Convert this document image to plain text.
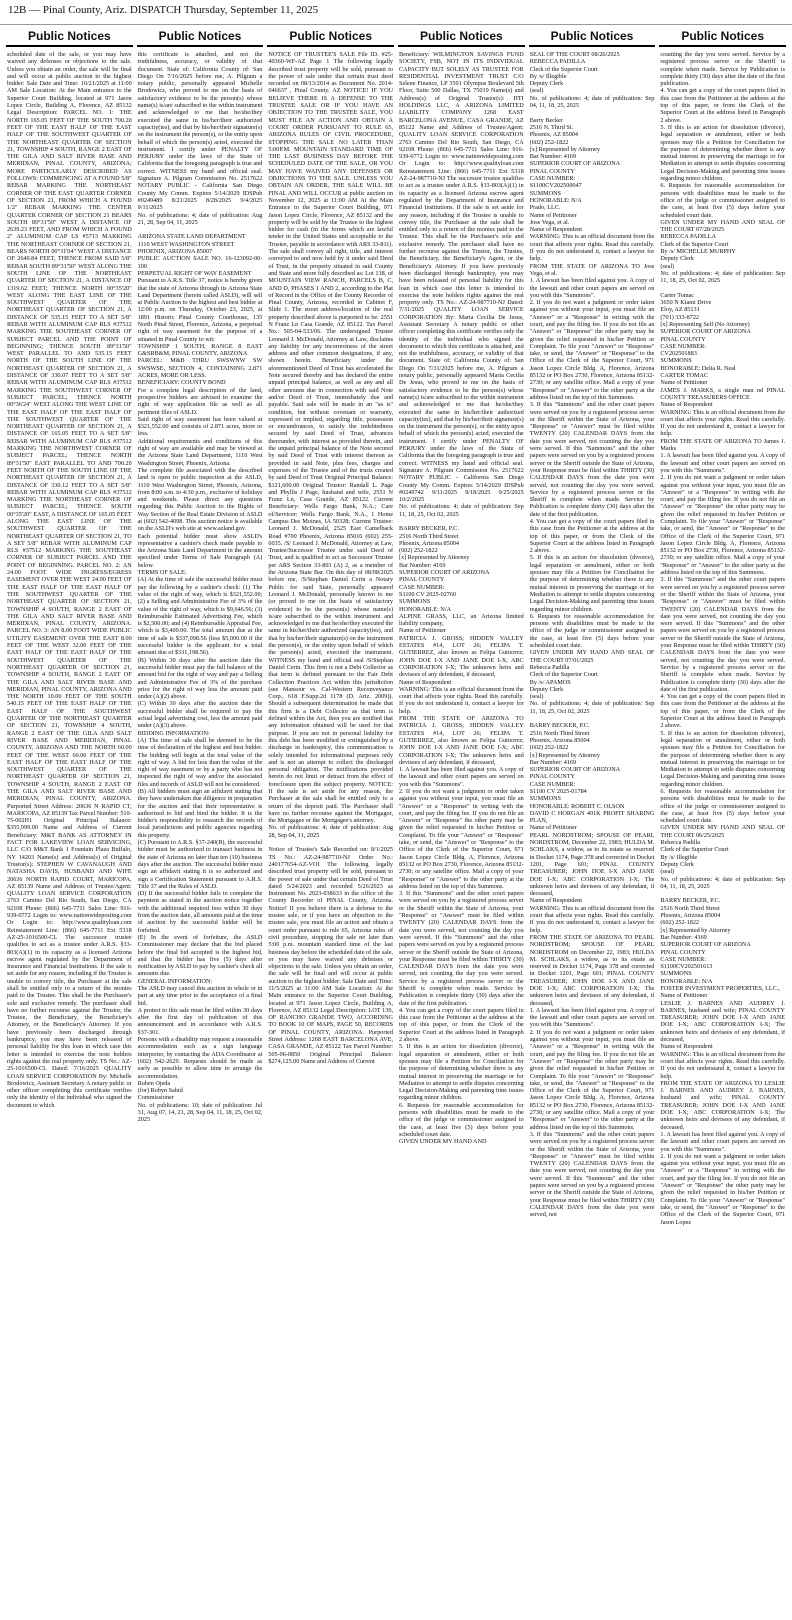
12B — Pinal County, Ariz. DISPATCH Thursday, September 11, 2025
Public Notices	Public Notices	Public Notices	Public Notices	Public Notices	Public Notices
scheduled date of the sale, or you may have waived any defenses or objections to the sale. Unless you obtain an order, the sale will be final and will occur at public auction to the highest bidder: Sale Date and Time: 10/21/2025 at 11:00 AM Sale Location: At the Main entrance to the Superior Court Building, located at 971 Jason Lopez Circle, Building A, Florence, AZ 85132 Legal Description: PARCEL NO. 1: THE NORTH 165.05 FEET OF THE SOUTH 700.20 FEET OF THE EAST HALF OF THE EAST HALF OF THE SOUTHWEST QUARTER OF THE NORTHEAST QUARTER OF SECTION 21, TOWNSHIP 4 SOUTH, RANGE 2 EAST OF THE GILA AND SALT RIVER BASE AND MERIDIAN, PINAL COUNTY, ARIZONA; MORE PARTICULARLY DESCRIBED AS FOLLOWS: COMMENCING AT A FOUND 5/8" REBAR MARKING THE NORTHEAST CORNER OF THE EAST QUARTER CORNER OF SECTION 21, FROM WHICH A FOUND 1/2" REBAR MARKING THE CENTER QUARTER CORNER OF SECTION 21 BEARS SOUTH 89°31'50" WEST A DISTANCE OF 2639.23 FEET, AND FROM WHICH A FOUND 2" ALUMINUM CAP LS #5713 MARKING THE NORTHEAST CORNER OF SECTION 21, BEARS NORTH 00°31'04" WEST A DISTANCE OF 2649.84 FEET, THENCE FROM SAID 5/8" REBAR SOUTH 89°31'50" WEST ALONG THE SOUTH LINE OF THE NORTHEAST QUARTER OF SECTION 21, A DISTANCE OF 1319.62 FEET; THENCE NORTH 00°35'20" WEST ALONG THE EAST LINE OF THE SOUTHWEST QUARTER OF THE NORTHEAST QUARTER OF SECTION 21, A DISTANCE OF 535.15 FEET TO A SET 5/8" REBAR WITH ALUMINUM CAP RLS #37512 MARKING THE SOUTHEAST CORNER OF SUBJECT PARCEL AND THE POINT OF BEGINNING; THENCE SOUTH 89°31'50" WEST PARALLEL TO AND 535.15 FEET NORTH OF THE SOUTH LINE OF THE NORTHEAST QUARTER OF SECTION 21, A DISTANCE OF 330.07 FEET TO A SET 5/8" REBAR WITH ALUMINUM CAP RLS #37512 MARKING THE SOUTHWEST CORNER OF SUBJECT PARCEL; THENCE NORTH 00°36'24" WEST ALONG THE WEST LINE OF THE EAST HALF OF THE EAST HALF OF THE SOUTHWEST QUARTER OF THE NORTHEAST QUARTER OF SECTION 21, A DISTANCE OF 165.05 FEET TO A SET 5/8" REBAR WITH ALUMINUM CAP RLS #37512 MARKING THE NORTHWEST CORNER OF SUBJECT PARCEL; THENCE NORTH 89°31'50" EAST PARALLEL TO AND 700.20 FEET NORTH OF THE SOUTH LINE OF THE NORTHEAST QUARTER OF SECTION 21, A DISTANCE OF 330.12 FEET TO A SET 5/8" REBAR WITH ALUMINUM CAP RLS #37512 MARKING THE NORTHEAST CORNER OF SUBJECT PARCEL; THENCE SOUTH 00°35'20" EAST, A DISTANCE OF 165.05 FEET ALONG THE EAST LINE OF THE SOUTHWEST QUARTER OF THE NORTHEAST QUARTER OF SECTION 21, TO A SET 5/8" REBAR WITH ALUMINUM CAP RLS #37512 MARKING THE SOUTHEAST CORNER OF SUBJECT PARCEL AND THE POINT OF BEGINNING. PARCEL NO. 2: AN 24.00 FOOT WIDE INGRESS/EGRESS EASEMENT OVER THE WEST 24.00 FEET OF THE EAST HALF OF THE EAST HALF OF THE SOUTHWEST QUARTER OF THE NORTHEAST QUARTER OF SECTION 21, TOWNSHIP 4 SOUTH, RANGE 2 EAST OF THE GILA AND SALT RIVER BASE AND MERIDIAN, PINAL COUNTY, ARIZONA. PARCEL NO. 3: AN 8.00 FOOT WIDE PUBLIC UTILITY EASEMENT OVER THE EAST 8.00 FEET OF THE WEST 32.00 FEET OF THE EAST HALF OF THE EAST HALF OF THE SOUTHWEST QUARTER OF THE NORTHEAST QUARTER OF SECTION 21, TOWNSHIP 4 SOUTH, RANGE 2 EAST OF THE GILA AND SALT RIVER BASE AND MERIDIAN, PINAL COUNTY, ARIZONA AND THE NORTH 10.00 FEET OF THE SOUTH 540.15 FEET OF THE EAST HALF OF THE EAST HALF OF THE SOUTHWEST QUARTER OF THE NORTHEAST QUARTER OF SECTION 21, TOWNSHIP 4 SOUTH, RANGE 2 EAST OF THE GILA AND SALT RIVER BASE AND MERIDIAN, PINAL COUNTY, ARIZONA AND THE NORTH 60.00 FEET OF THE WEST 60.00 FEET OF THE EAST HALF OF THE EAST HALF OF THE SOUTHWEST QUARTER OF THE NORTHEAST QUARTER OF SECTION 21, TOWNSHIP 4 SOUTH, RANGE 2 EAST OF THE GILA AND SALT RIVER BASE AND MERIDIAN, PINAL COUNTY, ARIZONA. Purported Street Address: 20636 N RAPID CT, MARICOPA, AZ 85139 Tax Parcel Number: 510-75-002H1 Original Principal Balance: $355,999.00 Name and Address of Current Beneficiary: M&T BANK AS ATTORNEY IN FACT FOR LAKEVIEW LOAN SERVICING, LLC C/O M&T Bank 1 Fountain Plaza Buffalo, NY 14203 Name(s) and Address(s) of Original Trustor(s): STEPHEN W CAVANAUGH AND NATASHA DAVIS, HUSBAND AND WIFE 20636 NORTH RAPID COURT, MARICOPA, AZ 85139 Name and Address of Trustee/Agent: QUALITY LOAN SERVICE CORPORATION 2763 Camino Del Rio South, San Diego, CA 92108 Phone: (866) 645-7711 Sales Line: 916-939-0772 Login to: www.nationwideposting.com Or Login to: http://www.qualityloan.com Reinstatement Line: (866) 645-7711 Ext 5318 AZ-25-1016500-CL The successor trustee qualifies to act as a trustee under A.R.S. §33-803(A)(1) in its capacity as a licensed Arizona escrow agent regulated by the Department of Insurance and Financial Institutions. If the sale is set aside for any reason, including if the Trustee is unable to convey title, the Purchaser at the sale shall be entitled only to a return of the monies paid to the Trustee. This shall be the Purchaser's sole and exclusive remedy. The purchaser shall have no further recourse against the Trustor, the Trustee, the Beneficiary, the Beneficiary's Attorney, or the Beneficiary's Attorney. If you have previously been discharged through bankruptcy, you may have been released of personal liability for this loan in which case this letter is intended to exercise the note holders rights against the real property only. TS No.: AZ-25-1016500-CL Dated: 7/16/2025 QUALITY LOAN SERVICE CORPORATION By: Michelle Brodowicz, Assistant Secretary A notary public or other officer completing this certificate verifies only the identity of the individual who signed the document to which
this certificate is attached, and not the truthfulness, accuracy, or validity of that document. State of: California County of: San Diego On 7/16/2025 before me, A. Pilgram a notary public, personally appeared Michelle Brodowicz, who proved to me on the basis of satisfactory evidence to be the person(s) whose name(s) is/are subscribed to the within instrument and acknowledged to me that he/she/they executed the same in his/her/their authorized capacity(ies), and that by his/her/their signature(s) on the instrument the person(s), or the entity upon behalf of which the person(s) acted, executed the instrument. I certify under PENALTY OF PERJURY under the laws of the State of California that the foregoing paragraph is true and correct. WITNESS my hand and official seal. Signature A. Pilgram Commission No. 2517622 NOTARY PUBLIC - California San Diego County My Comm. Expires 5/14/2029 IDSPub #0249489 8/21/2025 8/28/2025 9/4/2025 9/11/2025
No. of publications: 4; date of publication: Aug 21, 28, Sep 04, 11, 2025

ARIZONA STATE LAND DEPARTMENT
1110 WEST WASHINGTON STREET
PHOENIX, ARIZONA 85007
PUBLIC AUCTION SALE NO. 16-123092-00-100
PERPETUAL RIGHT OF WAY EASEMENT
Pursuant to A.R.S. Title 37, notice is hereby given that the state of Arizona through its Arizona State Land Department (herein called ASLD), will sell at Public Auction to the highest and best bidder at 12:00 p.m. on Thursday, October 23, 2025, at 1891 Historic Pinal County Courthouse, 135 North Pinal Street, Florence, Arizona, a perpetual right of way easement for the purpose of a situated in Pinal County to wit:
TOWNSHIP 1 SOUTH, RANGE 8 EAST G&SRB&M, PINAL COUNTY, ARIZONA
PARCEL: M&B THRU SWSWNW SW SWSWSE, SECTION 4, CONTAINING 2.871 ACRES, MORE OR LESS.
BENEFICIARY: COUNTY BOND
For a complete legal description of the land, prospective bidders are advised to examine the right of way application file as well as all pertinent files of ASLD.
Said right of way easement has been valued at $321,552.00 and consists of 2.871 acres, more or less.
Additional requirements and conditions of this right of way are available and may be viewed at the Arizona State Land Department, 1110 West Washington Street, Phoenix, Arizona.
The complete file associated with the described land is open to public inspection at the ASLD, 1110 West Washington Street, Phoenix, Arizona, from 8:00 a.m. to 4:30 p.m., exclusive of holidays and weekends. Please direct any questions regarding this Public Auction to the Rights of Way Section of the Real Estate Division of ASLD at (602) 542-4098. This auction notice is available on the ASLD's web site at www.azland.gov.
Each potential bidder must show ASLD's representative a cashier's check made payable to the Arizona State Land Department in the amount specified under Terms of Sale Paragraph (A) below.
TERMS OF SALE:
(A) At the time of sale the successful bidder must pay the following by a cashier's check: (1) The value of the right of way, which is $321,552.00; (2) a Selling and Administrative Fee of 3% of the value of the right of way, which is $9,646.56; (3) Reimbursable Estimated Advertising Fee, which is $2,500.00; and (4) Reimbursable Appraisal Fee, which is $3,400.00. The total amount due at the time of sale is $337,098.56 (less $5,000.00 if the successful bidder is the applicant for a total amount due of $331,198.56).
(B) Within 30 days after the auction date the successful bidder must pay the full balance of the amount bid for the right of way and pay a Selling and Administrative Fee of 3% of the purchase price for the right of way less the amount paid under (A)(2) above.
(C) Within 30 days after the auction date the successful bidder shall be required to pay the actual legal advertising cost, less the amount paid under (A)(3) above.
BIDDING INFORMATION:
(A) The time of sale shall be deemed to be the time of declaration of the highest and best bidder. The bidding will begin at the total value of the right of way. A bid for less than the value of the right of way easement or by a party who has not inspected the right of way and/or the associated files and records of ASLD will not be considered.
(B) All bidders must sign an affidavit stating that they have undertaken due diligence in preparation for the auction and that their representative is authorized to bid and bind the bidder. It is the bidder's responsibility to research the records of local jurisdictions and public agencies regarding this property.
(C) Pursuant to A.R.S. §37-240(B), the successful bidder must be authorized to transact business in the state of Arizona no later than ten (10) business days after the auction. The successful bidder must sign an affidavit stating it is so authorized and sign a Certification Statement pursuant to A.R.S. Title 37 and the Rules of ASLD.
(D) If the successful bidder fails to complete the payment as stated in the auction notice together with the additional required fees within 30 days from the auction date, all amounts paid at the time of auction by the successful bidder will be forfeited.
(E) In the event of forfeiture, the ASLD Commissioner may declare that the bid placed before the final bid accepted is the highest bid, and that the bidder has five (5) days after notification by ASLD to pay by cashier's check all amounts due.
GENERAL INFORMATION:
The ASLD may cancel this auction in whole or in part at any time prior to the acceptance of a final bid.
A protest to this sale must be filed within 30 days after the first day of publication of this announcement and in accordance with A.R.S. §37-301.
Persons with a disability may request a reasonable accommodation such as a sign language interpreter, by contacting the ADA Coordinator at (602) 542-2629. Requests should be made as early as possible to allow time to arrange the accommodation.
Ruben Ojeda
(for) Robyn Sahid
Commissioner
No. of publications: 10; date of publication: Jul 31, Aug 07, 14, 21, 28, Sep 04, 11, 18, 25, Oct 02, 2025
NOTICE OF TRUSTEE'S SALE File ID. #25-40360-WF-AZ Page 1 The following legally described trust property will be sold, pursuant to the power of sale under that certain trust deed recorded on 08/13/2014 as Document No. 2014-046637 , Pinal County. AZ NOTICE! IF YOU BELIEVE THERE IS A DEFENSE TO THE TRUSTEE SALE OR IF YOU HAVE AN OBJECTION TO THE TRUSTEE SALE, YOU MUST FILE AN ACTION AND OBTAIN A COURT ORDER PURSUANT TO RULE 65, ARIZONA RULES OF CIVIL PROCEDURE, STOPPING THE SALE NO LATER THAN 5:00P.M. MOUNTAIN STANDARD TIME OF THE LAST BUSINESS DAY BEFORE THE SCHEDULED DATE OF THE SALE, OR YOU MAY HAVE WAIVED ANY DEFENSES OR OBJECTIONS TO THE SALE. UNLESS YOU OBTAIN AN ORDER, THE SALE WILL BE FINAL AND WILL OCCUR at public auction on November 12, 2025 at 11:00 AM At the Main Entrance to the Superior Court Building, 971 Jason Lopez Circle, Florence, AZ 85132 and the property will be sold by the Trustee to the highest bidder for cash (in the forms which are lawful tender in the United States and acceptable to the Trustee, payable in accordance with ARS 33-811). The sale shall convey all right, title, and interest conveyed to and now held by it under said Deed of Trust, in the property situated in said County and State and more fully described as: Lot 138, of MOUNTAIN VIEW RANCH, PARCELS B, C, AND D, PHASES 1 AND 2, according to the Plat of Record in the Office of the County Recorder of Pinal County, Arizona, recorded in Cabinet F, Slide 1. The street address/location of the real property described above is purported to be: 2551 N Franz Ln Casa Grande, AZ 85122. Tax Parcel No.: 505-04-533/06. The undersigned Trustee Leonard J. McDonald, Attorney at Law, disclaims any liability for any incorrectness of the street address and other common designations, if any, shown herein. Beneficiary under the aforementioned Deed of Trust has accelerated the Note secured thereby and has declared the entire unpaid principal balance, as well as any and all other amounts due in connection with said Note and/or Deed of Trust, immediately due and payable. Said sale will be made in an "as is" condition, but without covenant or warranty, expressed or implied, regarding title, possession or encumbrances, to satisfy the indebtedness secured by said Deed of Trust, advances thereunder, with interest as provided therein, and the unpaid principal balance of the Note secured by said Deed of Trust with interest thereon as provided in said Note, plus fees, charges and expenses of the Trustee and of the trusts created by said Deed of Trust Original Principal Balance: $121,600.00 Original Trustor: Randall L. Page and Phyllis J Page, husband and wife, 2551 N Franz Ln, Casa Grande, AZ 85122. Current Beneficiary: Wells Fargo Bank, N.A.; Care of/Servicer: Wells Fargo Bank, N.A., 1 Home Campus Des Moines, IA 50328; Current Trustee: Leonard J. McDonald, 2525 East Camelback Road #700 Phoenix, Arizona 85016 (602) 255-6035. /S/ Leonard J. McDonald, Attorney at Law, Trustee/Successor Trustee under said Deed of Trust, and is qualified to act as Successor Trustee per ARS Section 33-803 (A) 2, as a member of the Arizona State Bar. On this day of 08/08/2025 before me, /S/Stephan Daniel Cerin a Notary Public for said State, personally appeared Leonard J. McDonald, personally known to me (or proved to me on the basis of satisfactory evidence) to be the person(s) whose name(s) is/are subscribed to the within instrument and acknowledged to me that he/she/they executed the same in his/her/their authorized capacity(ies), and that by his/her/their signature(s) on the instrument the person(s), or the entity upon behalf of which the person(s) acted, executed the instrument. WITNESS my hand and official seal /S/Stephan Daniel Cerin. This firm is not a Debt Collector as that term is defined pursuant to the Fair Debt Collection Practices Act within this jurisdiction (see Mansour vs. Cal-Western Reconveyance Corp., 618 F.Supp.2d 1178 (D. Ariz. 2009)). Should a subsequent determination be made that this firm is a Debt Collector as that term is defined within the Act, then you are notified that any information obtained will be used for that purpose. If you are not in personal liability for this debt has been modified or extinguished by a discharge in bankruptcy, this communication is solely intended for informational purposes only and is not an attempt to collect the discharged personal obligation. The notifications provided herein do not limit or detract from the effect of foreclosure upon the subject property. NOTICE: If the sale is set aside for any reason, the Purchaser at the sale shall be entitled only to a return of the deposit paid. The Purchaser shall have no further recourse against the Mortgagor, the Mortgagee or the Mortgagee's attorney.
No. of publications: 4; date of publication: Aug 28, Sep 04, 11, 2025

Notice of Trustee's Sale Recorded on: 8/1/2025 TS No.: AZ-24-987710-NJ Order No.: 240177654-AZ-VOI The following legally described trust property will be sold, pursuant to the power of sale under that certain Deed of Trust dated 5/24/2023 and recorded 5/26/2023 as Instrument No. 2023-038633 in the office of the County Recorder of PINAL County, Arizona. Notice! If you believe there is a defense to the trustee sale, or if you have an objection to the trustee sale, you must file an action and obtain a court order pursuant to rule 65, Arizona rules of civil procedure, stopping the sale no later than 5:00 p.m. mountain standard time of the last business day before the scheduled date of the sale, or you may have waived any defenses or objections to the sale. Unless you obtain an order, the sale will be final and will occur at public auction to the highest bidder: Sale Date and Time: 11/5/2025 at 11:00 AM Sale Location: At the Main entrance to the Superior Court Building, located at 971 Jason Lopez Circle, Building A, Florence, AZ 85132 Legal Description: LOT 139, OF RANCHO GRANDE TWO, ACCORDING TO BOOK 10 OF MAPS, PAGE 50, RECORDS OF PINAL COUNTY, ARIZONA. Purported Street Address: 1268 EAST BARCELONA AVE, CASA GRANDE, AZ 85122 Tax Parcel Number: 505-06-0850 Original Principal Balance: $274,125.00 Name and Address of Current
Beneficiary: WILMINGTON SAVINGS FUND SOCIETY, FSB, NOT IN ITS INDIVIDUAL CAPACITY BUT SOLELY AS TRUSTEE FOR RESIDENTIAL INVESTMENT TRUST C/O Selene Finance, LP 3501 Olympus Boulevard 5th Floor, Suite 500 Dallas, TX 75019 Name(s) and Address(s) of Original Trustor(s): HTI HOLDINGS LLC, A ARIZONA LIMITED LIABILITY COMPANY 1268 EAST BARCELONA AVENUE, CASA GRANDE, AZ 85122 Name and Address of Trustee/Agent: QUALITY LOAN SERVICE CORPORATION 2763 Camino Del Rio South, San Diego, CA 92108 Phone: (866) 645-7711 Sales Line: 916-939-0772 Login to: www.nationwideposting.com Or Login to: http://www.qualityloan.com Reinstatement Line: (866) 645-7711 Ext 5318 AZ-24-987710-NJ The successor trustee qualifies to act as a trustee under A.R.S. §33-803(A)(1) in its capacity as a licensed Arizona escrow agent regulated by the Department of Insurance and Financial Institutions. If the sale is set aside for any reason, including if the Trustee is unable to convey title, the Purchaser at the sale shall be entitled only to a return of the monies paid to the Trustee. This shall be the Purchaser's sole and exclusive remedy. The purchaser shall have no further recourse against the Trustor, the Trustee, the Beneficiary, the Beneficiary's Agent, or the Beneficiary's Attorney. If you have previously been discharged through bankruptcy, you may have been released of personal liability for this loan in which case this letter is intended to exercise the note holders rights against the real property only. TS No.: AZ-24-987710-NJ Dated: 7/31/2025 QUALITY LOAN SERVICE CORPORATION By: Maria Cecilia De Jesus, Assistant Secretary A notary public or other officer completing this certificate verifies only the identity of the individual who signed the document to which this certificate is attached, and not the truthfulness, accuracy, or validity of that document. State of: California County of: San Diego On 7/31/2025 before me, A. Pilgram a notary public, personally appeared Maria Cecilia De Jesus, who proved to me on the basis of satisfactory evidence to be the person(s) whose name(s) is/are subscribed to the within instrument and acknowledged to me that he/she/they executed the same in his/her/their authorized capacity(ies), and that by his/her/their signature(s) on the instrument the person(s), or the entity upon behalf of which the person(s) acted, executed the instrument. I certify under PENALTY OF PERJURY under the laws of the State of California that the foregoing paragraph is true and correct. WITNESS my hand and official seal. Signature A. Pilgram Commission No. 2517622 NOTARY PUBLIC - California San Diego County My Comm. Expires 5/14/2029 IDSPub #0249742 9/11/2025 9/18/2025 9/25/2025 10/2/2025
No. of publications: 4; date of publication: Sep 11, 18, 25, Oct 02, 2025

BARRY BECKER, P.C.
2516 North Third Street
Phoenix, Arizona 85004
(602) 252-1822
[x] Represented by Attorney
Bar Number: 4169
SUPERIOR COURT OF ARIZONA
PINAL COUNTY
CASE NUMBER:
S1100 CV 2025-02760
SUMMONS
HONORABLE: N/A
ALPINE GRASS, LLC, an Arizona limited liability company,
Name of Petitioner
PATRICIA J. GROSS; HIDDEN VALLEY ESTATES #14, LOT 26; FELIPA T. GUTIERREZ, also known as Felipa Gutierrez; JOHN DOE I-X AND JANE DOE I-X; ABC CORPORATION I-X; The unknown heirs and devisees of any defendant, if deceased,
Name of Respondent
WARNING: This is an official document from the court that affects your rights. Read this carefully. If you do not understand it, contact a lawyer for help.
FROM THE STATE OF ARIZONA TO PATRICIA J. GROSS; HIDDEN VALLEY ESTATES #14, LOT 26; FELIPA T. GUTIERREZ, also known as Felipa Gutierrez; JOHN DOE I-X AND JANE DOE I-X; ABC CORPORATION I-X; The unknown heirs and devisees of any defendant, if deceased,
1. A lawsuit has been filed against you. A copy of the lawsuit and other court papers are served on you with this "Summons".
2. If you do not want a judgment or order taken against you without your input, you must file an "Answer" or a "Response" in writing with the court, and pay the filing fee. If you do not file an "Answer" or "Response" the other party may be given the relief requested in his/her Petition or Complaint. To file your "Answer" or "Response" take, or send, the "Answer" or "Response" to the Office of the Clerk of the Superior Court, 971 Jason Lopez Circle Bldg. A, Florence, Arizona 85132 or PO Box 2730, Florence, Arizona 85132-2730; or any satellite office. Mail a copy of your "Response" or "Answer" to the other party at the address listed on the top of this Summons.
3. If this "Summons" and the other court papers were served on you by a registered process server or the Sheriff within the State of Arizona, your "Response" or "Answer" must be filed within TWENTY (20) CALENDAR DAYS from the date you were served, not counting the day you were served. If this "Summons" and the other papers were served on you by a registered process server or the Sheriff outside the State of Arizona, your Response must be filed within THIRTY (30) CALENDAR DAYS from the date you were served, not counting the day you were served. Service by a registered process server or the Sheriff is complete when made. Service by Publication is complete thirty (30) days after the date of the first publication.
4. You can get a copy of the court papers filed in this case from the Petitioner at the address at the top of this paper, or from the Clerk of the Superior Court at the address listed in Paragraph 2 above.
5. If this is an action for dissolution (divorce), legal separation or annulment, either or both spouses may file a Petition for Conciliation for the purpose of determining whether there is any mutual interest in preserving the marriage or for Mediation to attempt to settle disputes concerning Legal Decision-Making and parenting time issues regarding minor children.
6. Requests for reasonable accommodation for persons with disabilities must be made to the office of the judge or commissioner assigned to the case, at least five (5) days before your scheduled court date.
GIVEN UNDER MY HAND AND
SEAL OF THE COURT 08/26/2025
REBECCA PADILLA
Clerk of the Superior Court
By /s/ Illegible
Deputy Clerk
(seal)
No. of publications: 4; date of publication: Sep 04, 11, 18, 25, 2025

Barry Becker
2516 N. Third St.
Phoenix, AZ 85004
(602) 252-1822
[x] Represented by Attorney
Bar Number: 4169
SUPERIOR COURT OF ARIZONA
PINAL COUNTY
CASE NUMBER:
S1100CV202500047
SUMMONS
HONORABLE: N/A
Prado, LLC.
Name of Petitioner
Jose Vega, et al.
Name of Respondent
WARNING: This is an official document from the court that affects your rights. Read this carefully. If you do not understand it, contact a lawyer for help.
FROM THE STATE OF ARIZONA TO Jose Vega, et al.
1. A lawsuit has been filed against you. A copy of the lawsuit and other court papers are served on you with this "Summons".
2. If you do not want a judgment or order taken against you without your input, you must file an "Answer" or a "Response" in writing with the court, and pay the filing fee. If you do not file an "Answer" or "Response" the other party may be given the relief requested in his/her Petition or Complaint. To file your "Answer" or "Response" take, or send, the "Answer" or "Response" to the Office of the Clerk of the Superior Court, 971 Jason Lopez Circle Bldg. A, Florence, Arizona 85132 or PO Box 2730, Florence, Arizona 85132-2730; or any satellite office. Mail a copy of your "Response" or "Answer" to the other party at the address listed on the top of this Summons.
3. If this "Summons" and the other court papers were served on you by a registered process server or the Sheriff within the State of Arizona, your "Response" or "Answer" must be filed within TWENTY (20) CALENDAR DAYS from the date you were served, not counting the day you were served. If this "Summons" and the other papers were served on you by a registered process server or the Sheriff outside the State of Arizona, your Response must be filed within THIRTY (30) CALENDAR DAYS from the date you were served, not counting the day you were served. Service by a registered process server or the Sheriff is complete when made. Service by Publication is complete thirty (30) days after the date of the first publication.
4. You can get a copy of the court papers filed in this case from the Petitioner at the address at the top of this paper, or from the Clerk of the Superior Court at the address listed in Paragraph 2 above.
5. If this is an action for dissolution (divorce), legal separation or annulment, either or both spouses may file a Petition for Conciliation for the purpose of determining whether there is any mutual interest in preserving the marriage or for Mediation to attempt to settle disputes concerning Legal Decision-Making and parenting time issues regarding minor children.
6. Requests for reasonable accommodation for persons with disabilities must be made to the office of the judge or commissioner assigned to the case, at least five (5) days before your scheduled court date.
GIVEN UNDER MY HAND AND SEAL OF THE COURT 07/01/2025
Rebecca Padilla
Clerk of the Superior Court
By /s/ APAMOS
Deputy Clerk
(seal)
No. of publications: 4; date of publication: Sep 11, 18, 25, Oct 02, 2025

BARRY BECKER, P.C.
2516 North Third Street
Phoenix, Arizona 85004
(602) 252-1822
[x] Represented by Attorney
Bar Number: 4169
SUPERIOR COURT OF ARIZONA
PINAL COUNTY
CASE NUMBER:
S1100 CV 2025-01784
SUMMONS
HONORABLE: ROBERT C. OLSON
DAVID C HORGAN 401K PROFIT SHARING PLAN,
Name of Petitioner
PEARL NORDSTROM; SPOUSE OF PEARL NORDSTROM, December 22, 1983; HULDA M. SCHLAKS, a widow, as to its estate as reserved in Docket 1174, Page 378 and corrected in Docket 1201, Page 601; PINAL COUNTY TREASURER; JOHN DOE I-X AND JANE DOE I-X; ABC CORPORATION I-X; The unknown heirs and devisees of any defendant, if deceased,
Name of Respondent
WARNING: This is an official document from the court that affects your rights. Read this carefully. If you do not understand it, contact a lawyer for help.
FROM THE STATE OF ARIZONA TO PEARL NORDSTROM; SPOUSE OF PEARL NORDSTROM on December 22, 1983; HULDA M. SCHLAKS, a widow, as to its estate as reserved in Docket 1174, Page 378 and corrected in Docket 1201, Page 601; PINAL COUNTY TREASURER; JOHN DOE I-X AND JANE DOE I-X; ABC CORPORATION I-X; The unknown heirs and devisees of any defendant, if deceased,
1. A lawsuit has been filed against you. A copy of the lawsuit and other court papers are served on you with this "Summons".
2. If you do not want a judgment or order taken against you without your input, you must file an "Answer" or a "Response" in writing with the court, and pay the filing fee. If you do not file an "Answer" or "Response" the other party may be given the relief requested in his/her Petition or Complaint. To file your "Answer" or "Response" take, or send, the "Answer" or "Response" to the Office of the Clerk of the Superior Court, 971 Jason Lopez Circle Bldg. A, Florence, Arizona 85132 or PO Box 2730, Florence, Arizona 85132-2730; or any satellite office. Mail a copy of your "Response" or "Answer" to the other party at the address listed on the top of this Summons.
3. If this "Summons" and the other court papers were served on you by a registered process server or the Sheriff within the State of Arizona, your "Response" or "Answer" must be filed within TWENTY (20) CALENDAR DAYS from the date you were served, not counting the day you were served. If this "Summons" and the other papers were served on you by a registered process server or the Sheriff outside the State of Arizona, your Response must be filed within THIRTY (30) CALENDAR DAYS from the date you were served, not
counting the day you were served. Service by a registered process server or the Sheriff is complete when made. Service by Publication is complete thirty (30) days after the date of the first publication.
4. You can get a copy of the court papers filed in this case from the Petitioner at the address at the top of this paper, or from the Clerk of the Superior Court at the address listed in Paragraph 2 above.
5. If this is an action for dissolution (divorce), legal separation or annulment, either or both spouses may file a Petition for Conciliation for the purpose of determining whether there is any mutual interest in preserving the marriage or for Mediation to attempt to settle disputes concerning Legal Decision-Making and parenting time issues regarding minor children.
6. Requests for reasonable accommodation for persons with disabilities must be made to the office of the judge or commissioner assigned to the case, at least five (5) days before your scheduled court date.
GIVEN UNDER MY HAND AND SEAL OF THE COURT 07/28/2025
REBECCA PADILLA
Clerk of the Superior Court
By /s/ MICHELLE MURPHY
Deputy Clerk
(seal)
No. of publications: 4; date of publication: Sep 11, 18, 25, Oct 02, 2025

Carter Tomac
3650 N Kiami Drive
Eloy, AZ 85131
(701) 333-8722
[x] Representing Self (No Attorney)
SUPERIOR COURT OF ARIZONA
PINAL COUNTY
CASE NUMBER:
CV202501883
SUMMONS
HONORABLE: Delia R. Neal
CARTER TOMAC
Name of Petitioner
JAMES J. MARKS, a single man nd PINAL COUNTY TREASURERS OFFICE
Name of Respondent
WARNING: This is an official document from the court that affects your rights. Read this carefully. If you do not understand it, contact a lawyer for help.
FROM THE STATE OF ARIZONA TO James J. Marks
1. A lawsuit has been filed against you. A copy of the lawsuit and other court papers are served on you with this "Summons".
2. If you do not want a judgment or order taken against you without your input, you must file an "Answer" or a "Response" in writing with the court, and pay the filing fee. If you do not file an "Answer" or "Response" the other party may be given the relief requested in his/her Petition or Complaint. To file your "Answer" or "Response" take, or send, the "Answer" or "Response" to the Office of the Clerk of the Superior Court, 971 Jason Lopez Circle Bldg. A, Florence, Arizona 85132 or PO Box 2730, Florence, Arizona 85132-2730; or any satellite office. Mail a copy of your "Response" or "Answer" to the other party at the address listed on the top of this Summons.
3. If this "Summons" and the other court papers were served on you by a registered process server or the Sheriff within the State of Arizona, your "Response" or "Answer" must be filed within TWENTY (20) CALENDAR DAYS from the date you were served, not counting the day you were served. If this "Summons" and the other papers were served on you by a registered process server or the Sheriff outside the State of Arizona, your Response must be filed within THIRTY (30) CALENDAR DAYS from the date you were served, not counting the day you were served. Service by a registered process server or the Sheriff is complete when made. Service by Publication is complete thirty (30) days after the date of the first publication.
4. You can get a copy of the court papers filed in this case from the Petitioner at the address at the top of this paper, or from the Clerk of the Superior Court at the address listed in Paragraph 2 above.
5. If this is an action for dissolution (divorce), legal separation or annulment, either or both spouses may file a Petition for Conciliation for the purpose of determining whether there is any mutual interest in preserving the marriage or for Mediation to attempt to settle disputes concerning Legal Decision-Making and parenting time issues regarding minor children.
6. Requests for reasonable accommodation for persons with disabilities must be made to the office of the judge or commissioner assigned to the case, at least five (5) days before your scheduled court date.
GIVEN UNDER MY HAND AND SEAL OF THE COURT 06/25/2025
Rebecca Padilla
Clerk of the Superior Court
By /s/ Illegible
Deputy Clerk
(seal)
No. of publications: 4; date of publication: Sep 04, 11, 18, 25, 2025

BARRY BECKER, P.C.
2516 North Third Street
Phoenix, Arizona 85004
(602) 252-1822
[x] Represented by Attorney
Bar Number: 4169
SUPERIOR COURT OF ARIZONA
PINAL COUNTY
CASE NUMBER:
S1100CV202501613
SUMMONS
HONORABLE: N/A
FOSTER INVESTMENT PROPERTIES, LLC.,
Name of Petitioner
LESLIE J. BARNES AND AUDREY J. BARNES, husband and wife; PINAL COUNTY TREASURER; JOHN DOE I-X AND JANE DOE I-X; ABC CORPORATION I-X; The unknown heirs and devisees of any defendant, if deceased,
Name of Respondent
WARNING: This is an official document from the court that affects your rights. Read this carefully. If you do not understand it, contact a lawyer for help.
FROM THE STATE OF ARIZONA TO LESLIE J. BARNES AND AUDREY J. BARNES, husband and wife; PINAL COUNTY TREASURER; JOHN DOE I-X AND JANE DOE I-X; ABC CORPORATION I-X; The unknown heirs and devisees of any defendant, if deceased,
1. A lawsuit has been filed against you. A copy of the lawsuit and other court papers are served on you with this "Summons".
2. If you do not want a judgment or order taken against you without your input, you must file an "Answer" or a "Response" in writing with the court, and pay the filing fee. If you do not file an "Answer" or "Response" the other party may be given the relief requested in his/her Petition or Complaint. To file your "Answer" or "Response" take, or send, the "Answer" or "Response" to the Office of the Clerk of the Superior Court, 971 Jason Lopez
